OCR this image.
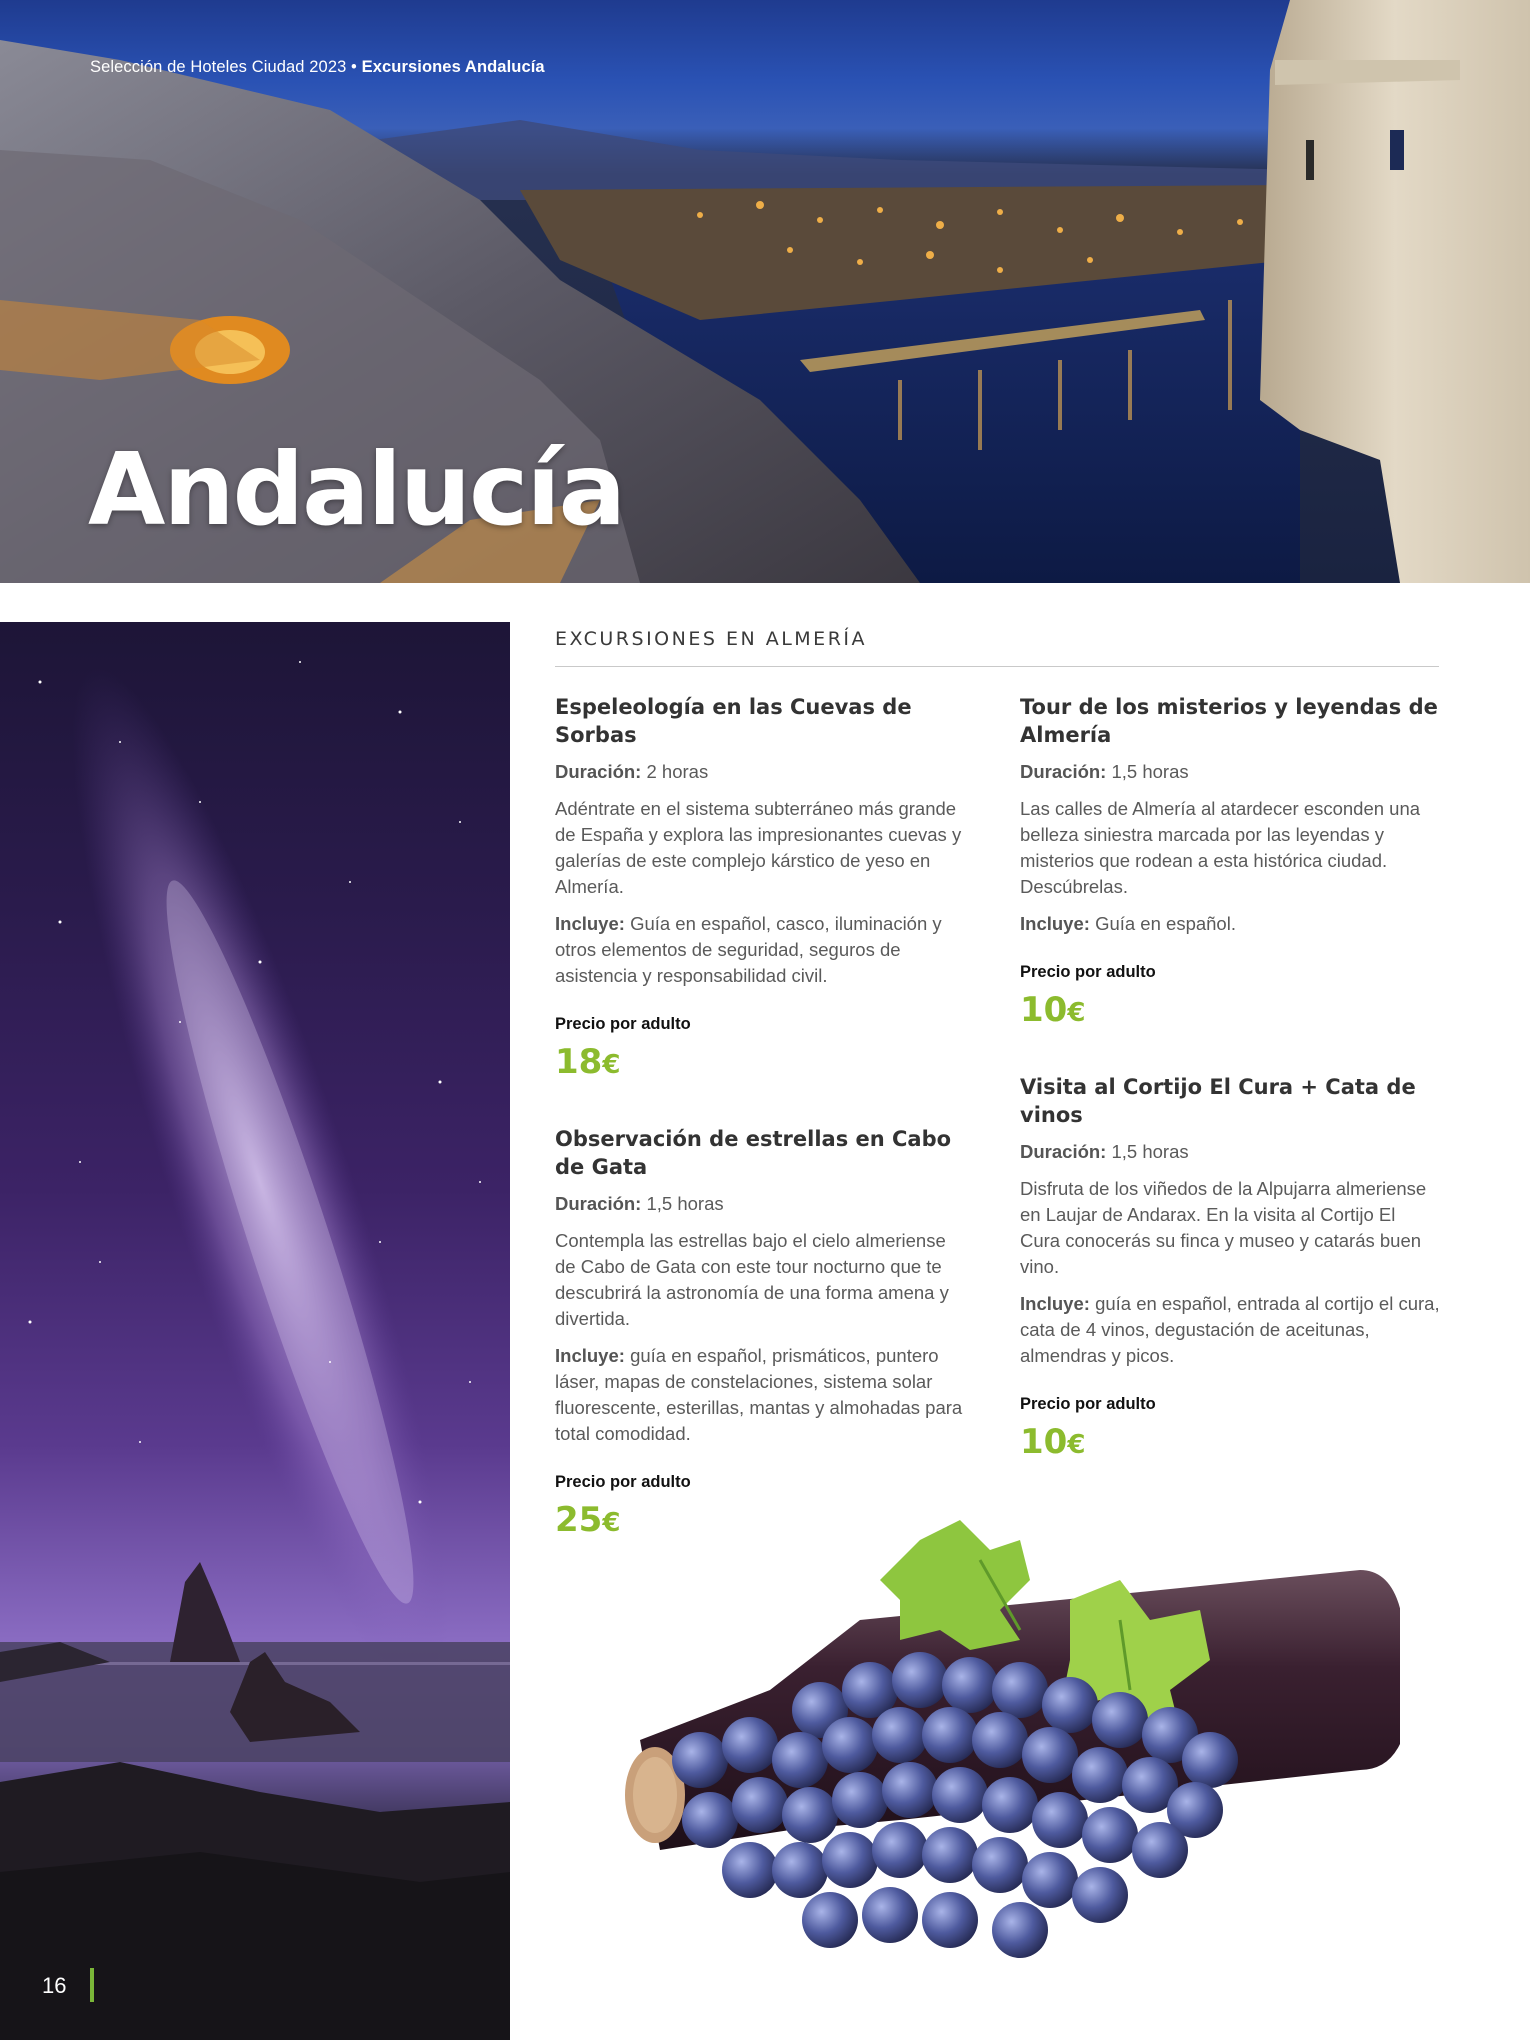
Selección de Hoteles Ciudad 2023 • Excursiones Andalucía
Andalucía
16
EXCURSIONES EN ALMERÍA
Espeleología en las Cuevas de Sorbas

Duración: 2 horas

Adéntrate en el sistema subterráneo más grande de España y explora las impresionantes cuevas y galerías de este complejo kárstico de yeso en Almería.

Incluye: Guía en español, casco, iluminación y otros elementos de seguridad, seguros de asistencia y responsabilidad civil.

Precio por adulto
18€
Observación de estrellas en Cabo de Gata

Duración: 1,5 horas

Contempla las estrellas bajo el cielo almeriense de Cabo de Gata con este tour nocturno que te descubrirá la astronomía de una forma amena y divertida.

Incluye: guía en español, prismáticos, puntero láser, mapas de constelaciones, sistema solar fluorescente, esterillas, mantas y almohadas para total comodidad.

Precio por adulto
25€
Tour de los misterios y leyendas de Almería

Duración: 1,5 horas

Las calles de Almería al atardecer esconden una belleza siniestra marcada por las leyendas y misterios que rodean a esta histórica ciudad. Descúbrelas.

Incluye: Guía en español.

Precio por adulto
10€
Visita al Cortijo El Cura + Cata de vinos

Duración: 1,5 horas

Disfruta de los viñedos de la Alpujarra almeriense en Laujar de Andarax. En la visita al Cortijo El Cura conocerás su finca y museo y catarás buen vino.

Incluye: guía en español, entrada al cortijo el cura, cata de 4 vinos, degustación de aceitunas, almendras y picos.

Precio por adulto
10€
